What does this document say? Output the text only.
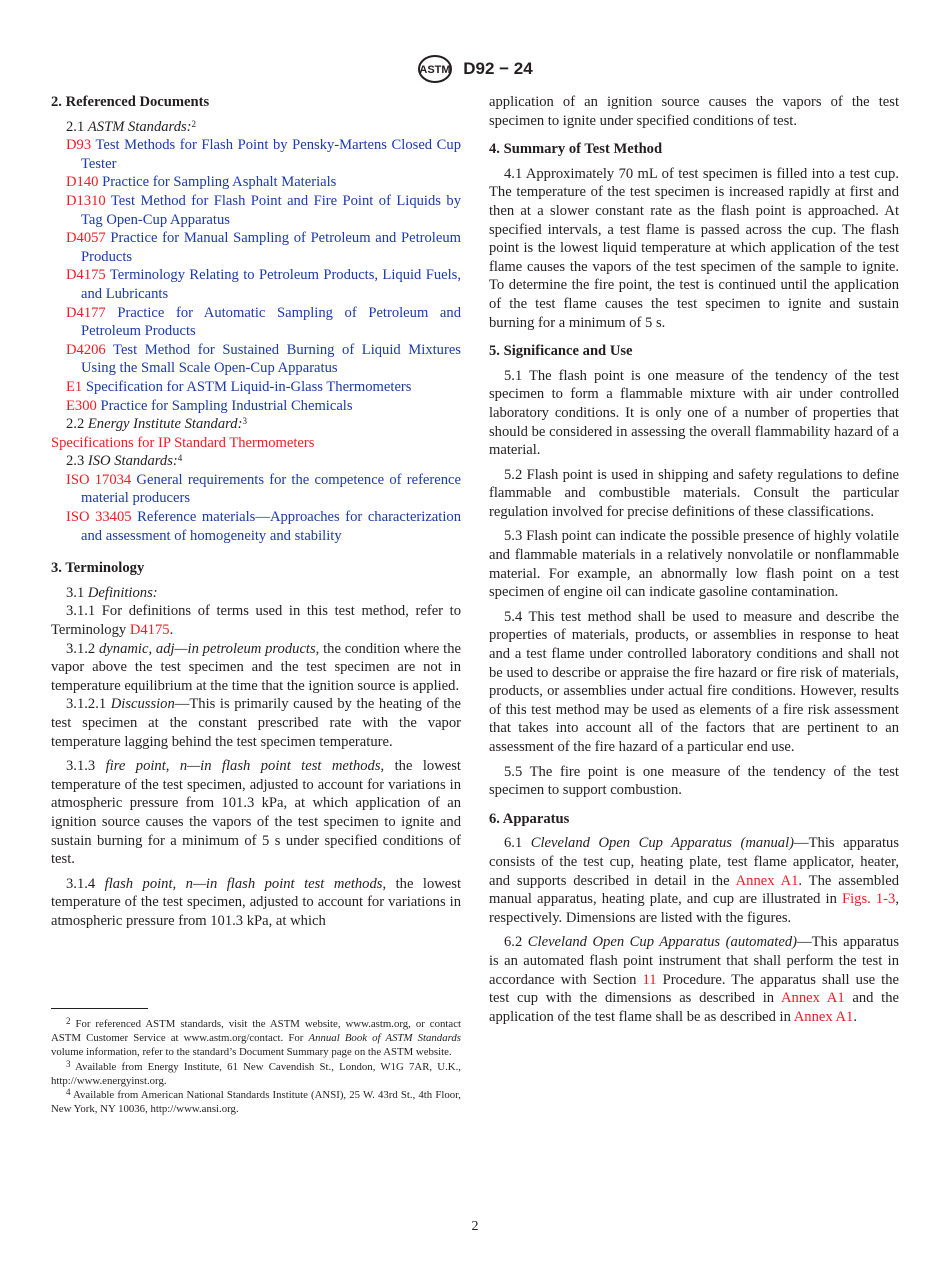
ASTM D92 − 24

2. Referenced Documents

2.1 ASTM Standards:$^2$

D93 Test Methods for Flash Point by Pensky-Martens Closed Cup Tester

D140 Practice for Sampling Asphalt Materials

D1310 Test Method for Flash Point and Fire Point of Liquids by Tag Open-Cup Apparatus

D4057 Practice for Manual Sampling of Petroleum and Petroleum Products

D4175 Terminology Relating to Petroleum Products, Liquid Fuels, and Lubricants

D4177 Practice for Automatic Sampling of Petroleum and Petroleum Products

D4206 Test Method for Sustained Burning of Liquid Mixtures Using the Small Scale Open-Cup Apparatus

E1 Specification for ASTM Liquid-in-Glass Thermometers

E300 Practice for Sampling Industrial Chemicals

2.2 Energy Institute Standard:$^3$

Specifications for IP Standard Thermometers

2.3 ISO Standards:$^4$

ISO 17034 General requirements for the competence of reference material producers

ISO 33405 Reference materials—Approaches for characterization and assessment of homogeneity and stability

3. Terminology

3.1 Definitions:

3.1.1 For definitions of terms used in this test method, refer to Terminology D4175.

3.1.2 dynamic, adj—in petroleum products, the condition where the vapor above the test specimen and the test specimen are not in temperature equilibrium at the time that the ignition source is applied.

3.1.2.1 Discussion—This is primarily caused by the heating of the test specimen at the constant prescribed rate with the vapor temperature lagging behind the test specimen temperature.

3.1.3 fire point, n—in flash point test methods, the lowest temperature of the test specimen, adjusted to account for variations in atmospheric pressure from 101.3 kPa, at which application of an ignition source causes the vapors of the test specimen to ignite and sustain burning for a minimum of 5 s under specified conditions of test.

3.1.4 flash point, n—in flash point test methods, the lowest temperature of the test specimen, adjusted to account for variations in atmospheric pressure from 101.3 kPa, at which

$^2$ For referenced ASTM standards, visit the ASTM website, www.astm.org, or contact ASTM Customer Service at www.astm.org/contact. For Annual Book of ASTM Standards volume information, refer to the standard’s Document Summary page on the ASTM website.

$^3$ Available from Energy Institute, 61 New Cavendish St., London, W1G 7AR, U.K., http://www.energyinst.org.

$^4$ Available from American National Standards Institute (ANSI), 25 W. 43rd St., 4th Floor, New York, NY 10036, http://www.ansi.org.

application of an ignition source causes the vapors of the test specimen to ignite under specified conditions of test.

4. Summary of Test Method

4.1 Approximately 70 mL of test specimen is filled into a test cup. The temperature of the test specimen is increased rapidly at first and then at a slower constant rate as the flash point is approached. At specified intervals, a test flame is passed across the cup. The flash point is the lowest liquid temperature at which application of the test flame causes the vapors of the test specimen of the sample to ignite. To determine the fire point, the test is continued until the application of the test flame causes the test specimen to ignite and sustain burning for a minimum of 5 s.

5. Significance and Use

5.1 The flash point is one measure of the tendency of the test specimen to form a flammable mixture with air under controlled laboratory conditions. It is only one of a number of properties that should be considered in assessing the overall flammability hazard of a material.

5.2 Flash point is used in shipping and safety regulations to define flammable and combustible materials. Consult the particular regulation involved for precise definitions of these classifications.

5.3 Flash point can indicate the possible presence of highly volatile and flammable materials in a relatively nonvolatile or nonflammable material. For example, an abnormally low flash point on a test specimen of engine oil can indicate gasoline contamination.

5.4 This test method shall be used to measure and describe the properties of materials, products, or assemblies in response to heat and a test flame under controlled laboratory conditions and shall not be used to describe or appraise the fire hazard or fire risk of materials, products, or assemblies under actual fire conditions. However, results of this test method may be used as elements of a fire risk assessment that takes into account all of the factors that are pertinent to an assessment of the fire hazard of a particular end use.

5.5 The fire point is one measure of the tendency of the test specimen to support combustion.

6. Apparatus

6.1 Cleveland Open Cup Apparatus (manual)—This apparatus consists of the test cup, heating plate, test flame applicator, heater, and supports described in detail in the Annex A1. The assembled manual apparatus, heating plate, and cup are illustrated in Figs. 1-3, respectively. Dimensions are listed with the figures.

6.2 Cleveland Open Cup Apparatus (automated)—This apparatus is an automated flash point instrument that shall perform the test in accordance with Section 11 Procedure. The apparatus shall use the test cup with the dimensions as described in Annex A1 and the application of the test flame shall be as described in Annex A1.

2
